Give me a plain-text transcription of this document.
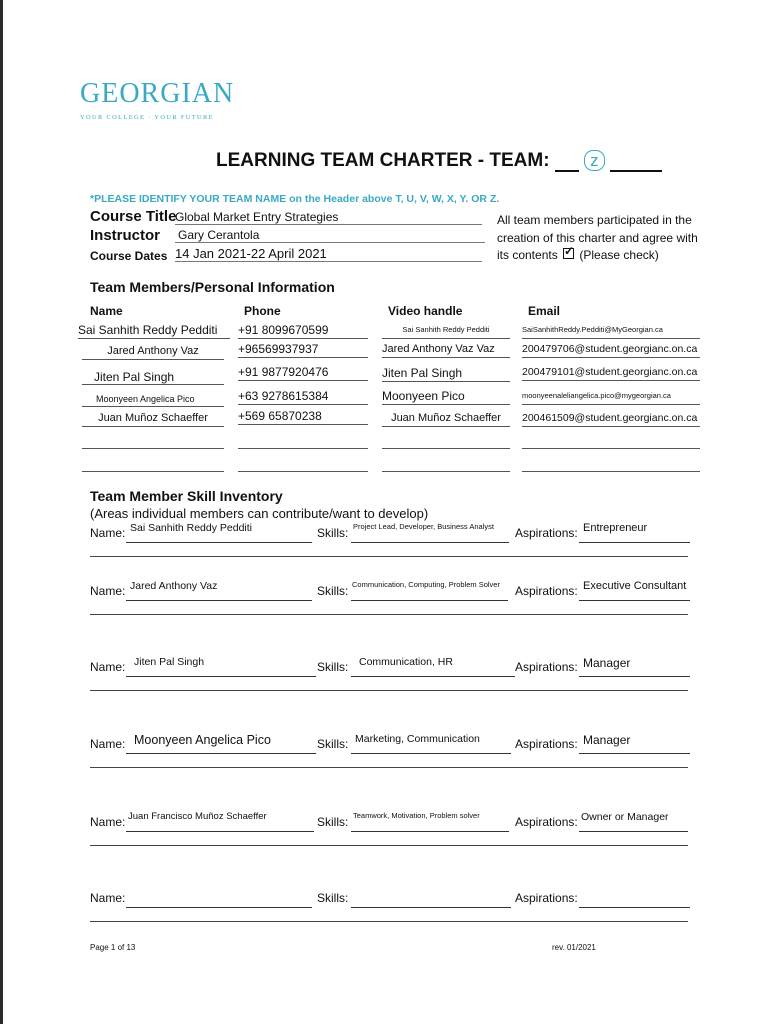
GEORGIAN
YOUR COLLEGE · YOUR FUTURE
LEARNING TEAM CHARTER - TEAM: z
*PLEASE IDENTIFY YOUR TEAM NAME on the Header above T, U, V, W, X, Y. OR Z.
Course Title
Global Market Entry Strategies
Instructor Gary Cerantola
Course Dates 14 Jan 2021-22 April 2021
All team members participated in the
creation of this charter and agree with
its contents ✓ (Please check)
Team Members/Personal Information
Name	Phone	Video handle	Email
Sai Sanhith Reddy Pedditi	+91 8099670599	Sai Sanhith Reddy Pedditi	SaiSanhithReddy.Pedditi@MyGeorgian.ca
Jared Anthony Vaz	+96569937937	Jared Anthony Vaz Vaz	200479706@student.georgianc.on.ca
Jiten Pal Singh	+91 9877920476	Jiten Pal Singh	200479101@student.georgianc.on.ca
Moonyeen Angelica Pico	+63 9278615384	Moonyeen Pico	moonyeenaleliangelica.pico@mygeorgian.ca
Juan Muñoz Schaeffer	+569 65870238	Juan Muñoz Schaeffer	200461509@student.georgianc.on.ca
Team Member Skill Inventory
(Areas individual members can contribute/want to develop)
Name: Sai Sanhith Reddy Pedditi	Skills: Project Lead, Developer, Business Analyst	Aspirations: Entrepreneur
Name: Jared Anthony Vaz	Skills: Communication, Computing, Problem Solver	Aspirations: Executive Consultant
Name: Jiten Pal Singh	Skills:	Communication, HR	Aspirations: Manager
Name: Moonyeen Angelica Pico	Skills: Marketing, Communication	Aspirations: Manager
Name: Juan Francisco Muñoz Schaeffer	Skills: Teamwork, Motivation, Problem solver	Aspirations: Owner or Manager
Name:	Skills:	Aspirations:
Page 1 of 13	rev. 01/2021
